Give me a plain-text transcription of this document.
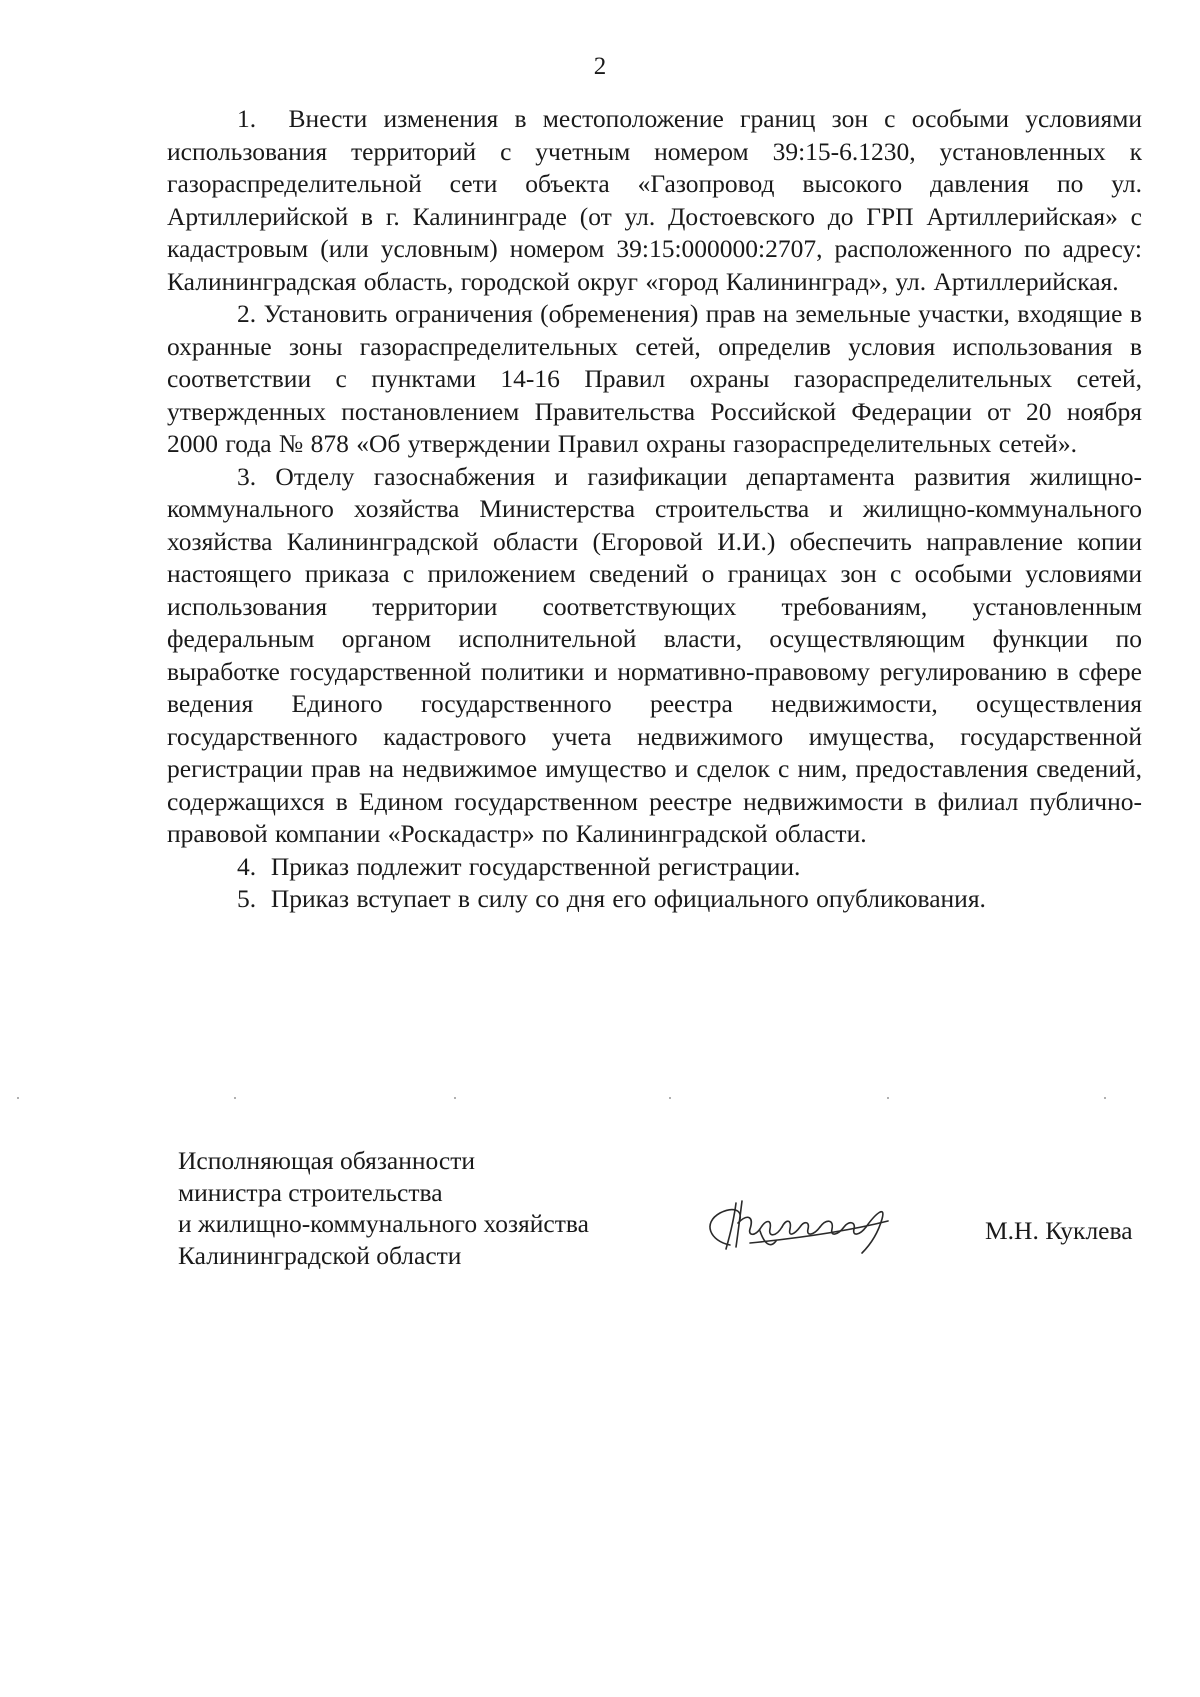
2

1.  Внести изменения в местоположение границ зон с особыми условиями использования территорий с учетным номером 39:15-6.1230, установленных к газораспределительной сети объекта «Газопровод высокого давления по ул. Артиллерийской в г. Калининграде (от ул. Достоевского до ГРП Артиллерийская» с кадастровым (или условным) номером 39:15:000000:2707, расположенного по адресу: Калининградская область, городской округ «город Калининград», ул. Артиллерийская.

2. Установить ограничения (обременения) прав на земельные участки, входящие в охранные зоны газораспределительных сетей, определив условия использования в соответствии с пунктами 14-16 Правил охраны газораспределительных сетей, утвержденных постановлением Правительства Российской Федерации от 20 ноября 2000 года № 878 «Об утверждении Правил охраны газораспределительных сетей».

3. Отделу газоснабжения и газификации департамента развития жилищно-коммунального хозяйства Министерства строительства и жилищно-коммунального хозяйства Калининградской области (Егоровой И.И.) обеспечить направление копии настоящего приказа с приложением сведений о границах зон с особыми условиями использования территории соответствующих требованиям, установленным федеральным органом исполнительной власти, осуществляющим функции по выработке государственной политики и нормативно-правовому регулированию в сфере ведения Единого государственного реестра недвижимости, осуществления государственного кадастрового учета недвижимого имущества, государственной регистрации прав на недвижимое имущество и сделок с ним, предоставления сведений, содержащихся в Едином государственном реестре недвижимости в филиал публично-правовой компании «Роскадастр» по Калининградской области.

4.  Приказ подлежит государственной регистрации.

5.  Приказ вступает в силу со дня его официального опубликования.

Исполняющая обязанности
министра строительства
и жилищно-коммунального хозяйства
Калининградской области
М.Н. Куклева
